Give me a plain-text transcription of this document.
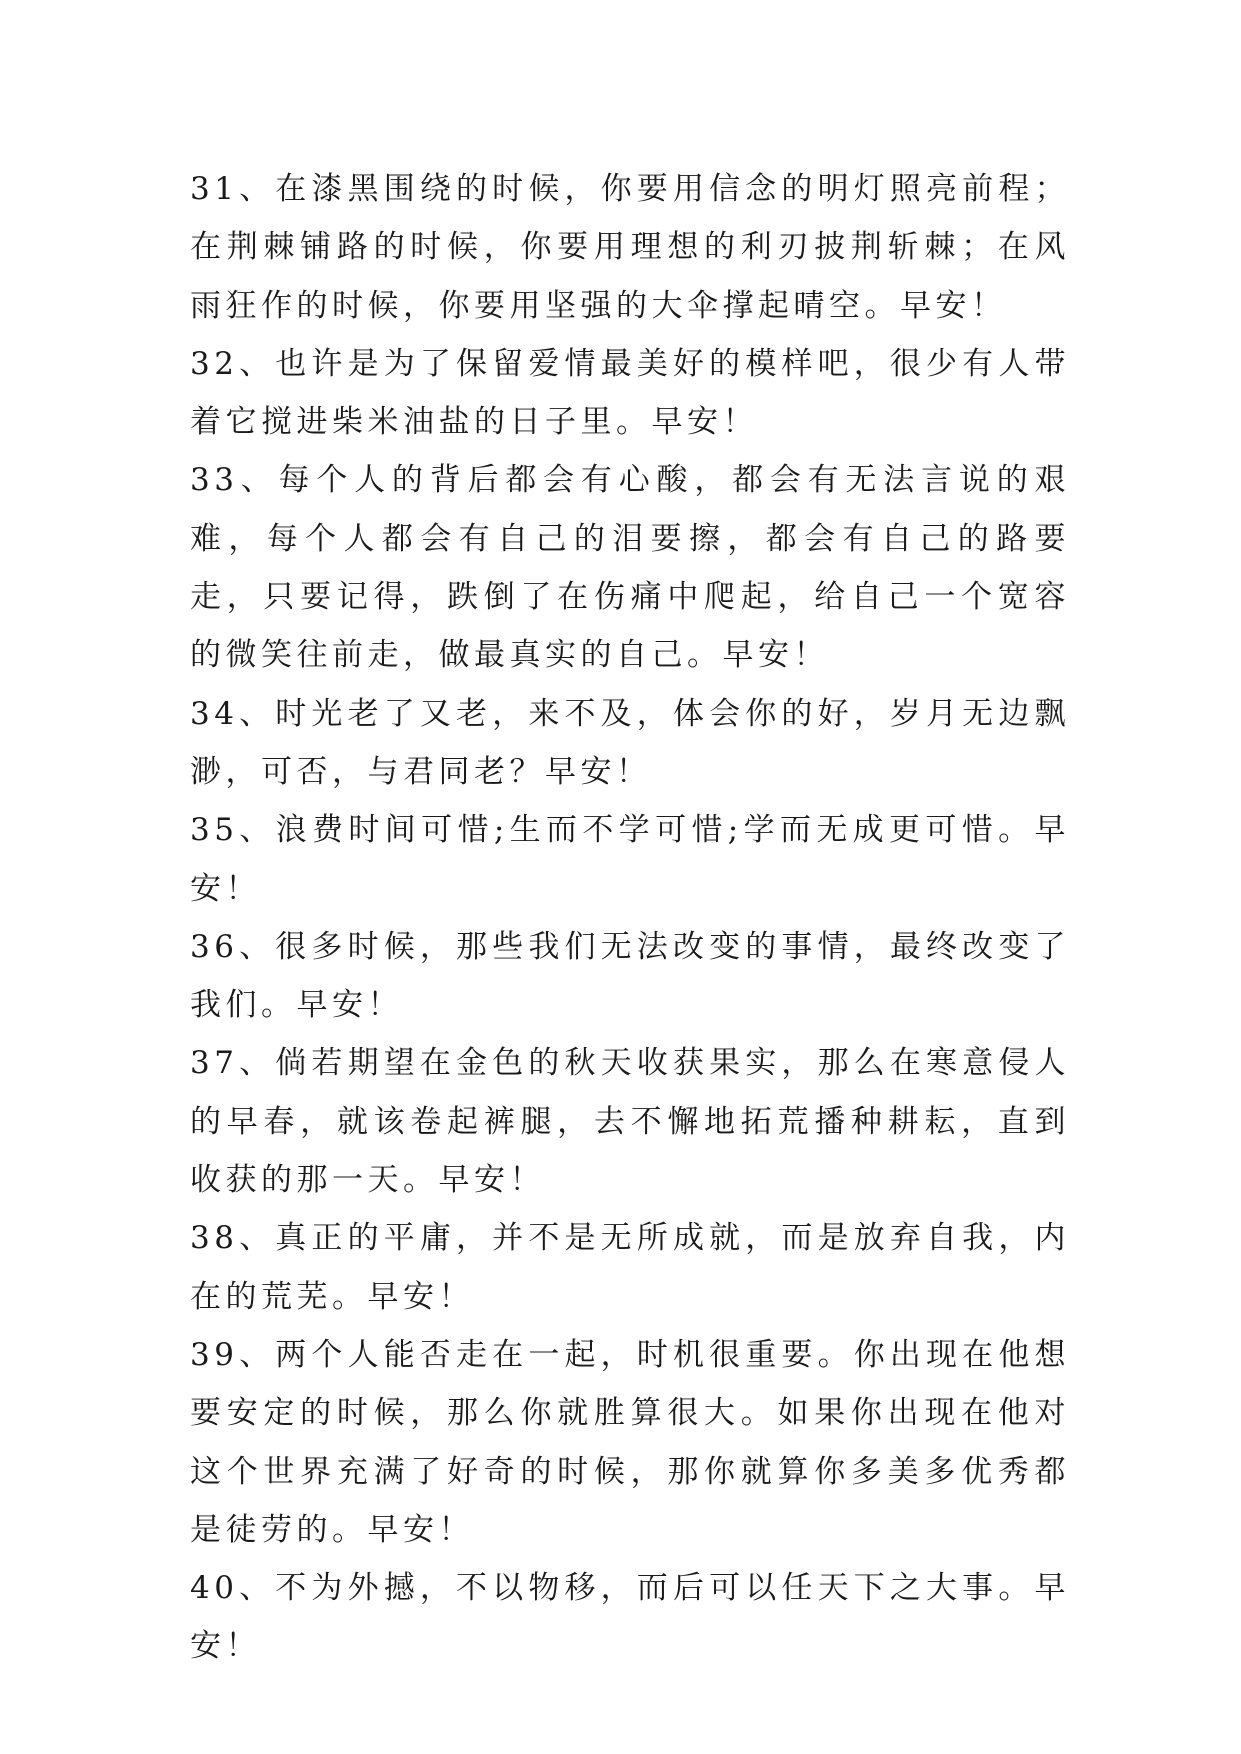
31、在漆黑围绕的时候，你要用信念的明灯照亮前程；在荆棘铺路的时候，你要用理想的利刃披荆斩棘；在风雨狂作的时候，你要用坚强的大伞撑起晴空。早安！

32、也许是为了保留爱情最美好的模样吧，很少有人带着它搅进柴米油盐的日子里。早安！

33、每个人的背后都会有心酸，都会有无法言说的艰难，每个人都会有自己的泪要擦，都会有自己的路要走，只要记得，跌倒了在伤痛中爬起，给自己一个宽容的微笑往前走，做最真实的自己。早安！

34、时光老了又老，来不及，体会你的好，岁月无边飘渺，可否，与君同老？早安！

35、浪费时间可惜;生而不学可惜;学而无成更可惜。早安！

36、很多时候，那些我们无法改变的事情，最终改变了我们。早安！

37、倘若期望在金色的秋天收获果实，那么在寒意侵人的早春，就该卷起裤腿，去不懈地拓荒播种耕耘，直到收获的那一天。早安！

38、真正的平庸，并不是无所成就，而是放弃自我，内在的荒芜。早安！

39、两个人能否走在一起，时机很重要。你出现在他想要安定的时候，那么你就胜算很大。如果你出现在他对这个世界充满了好奇的时候，那你就算你多美多优秀都是徒劳的。早安！

40、不为外撼，不以物移，而后可以任天下之大事。早安！
